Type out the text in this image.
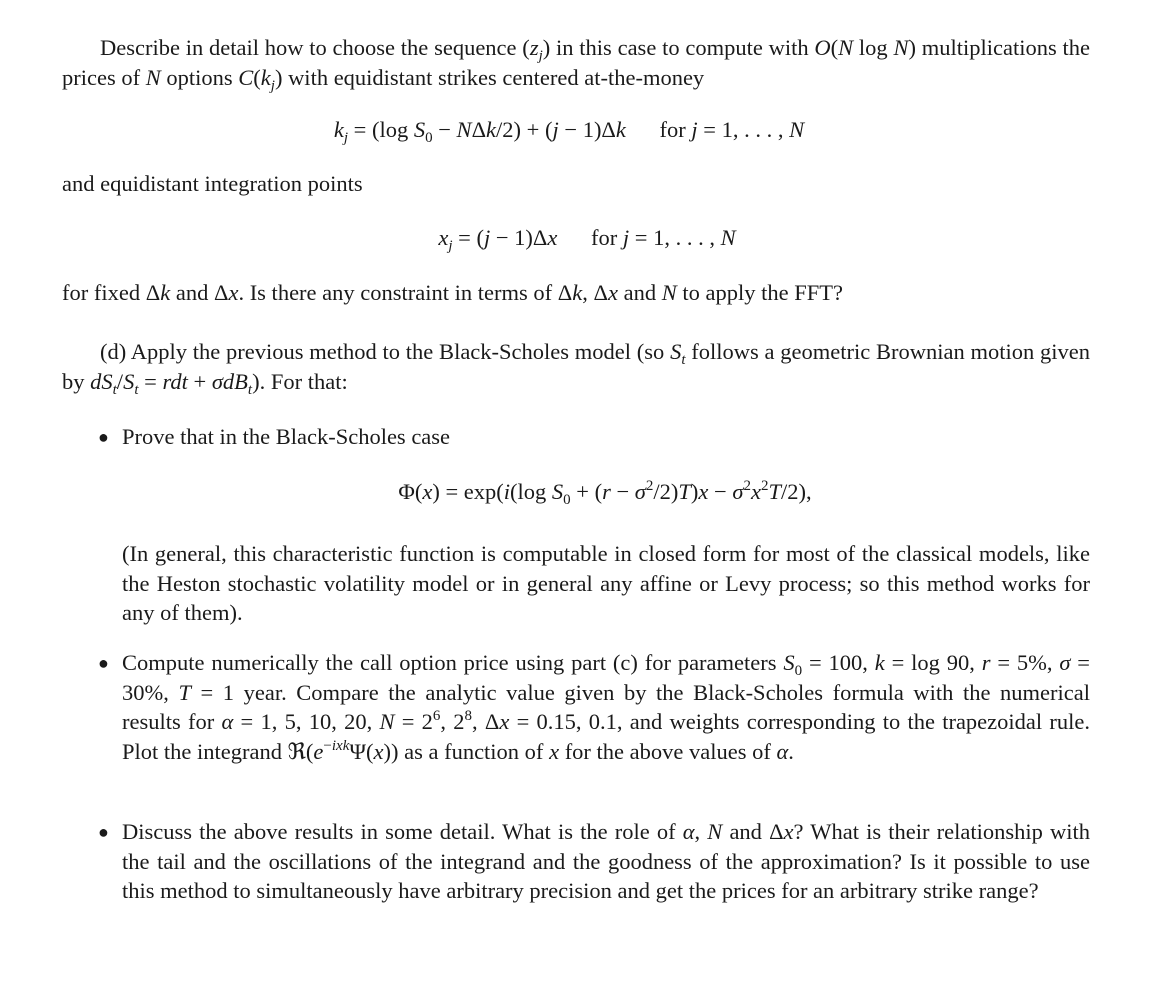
Describe in detail how to choose the sequence $(z_j)$ in this case to compute with O(N log N) multiplications the prices of N options $C(k_j)$ with equidistant strikes centered at-the-money
$k_j = (\log$ $S_0 - N\Delta k/2) + (j - 1)\Delta k$ for j = 1, . . . , N
and equidistant integration points
$x_j = (j - 1)\Delta x$ for j = 1, . . . , N
for fixed Δk and Δx. Is there any constraint in terms of Δk, Δx and N to apply the FFT?
(d) Apply the previous method to the Black-Scholes model (so $S_t$ follows a geometric Brownian motion given by $dS_t/S_t$ = rdt + σdB$_t$). For that:
● Prove that in the Black-Scholes case
Φ(x) = exp(i(log $S_0 + (r - \sigma^2/2)T)x - \sigma^2x^2T/2$),
(In general, this characteristic function is computable in closed form for most of the classical models, like the Heston stochastic volatility model or in general any affine or Levy process; so this method works for any of them).
● Compute numerically the call option price using part (c) for parameters $S_0 = 100$, k = log 90, r = 5%, σ = 30%, T = 1 year. Compare the analytic value given by the Black-Scholes formula with the numerical results for α = 1, 5, 10, 20, $N = 2^6$, $2^8$, Δx = 0.15, 0.1, and weights corresponding to the trapezoidal rule. Plot the integrand $ℜ(e^{-ixk}\Psi(x))$ as a function of x for the above values of α.
● Discuss the above results in some detail. What is the role of α, N and Δx? What is their relationship with the tail and the oscillations of the integrand and the goodness of the approximation? Is it possible to use this method to simultaneously have arbitrary precision and get the prices for an arbitrary strike range?
